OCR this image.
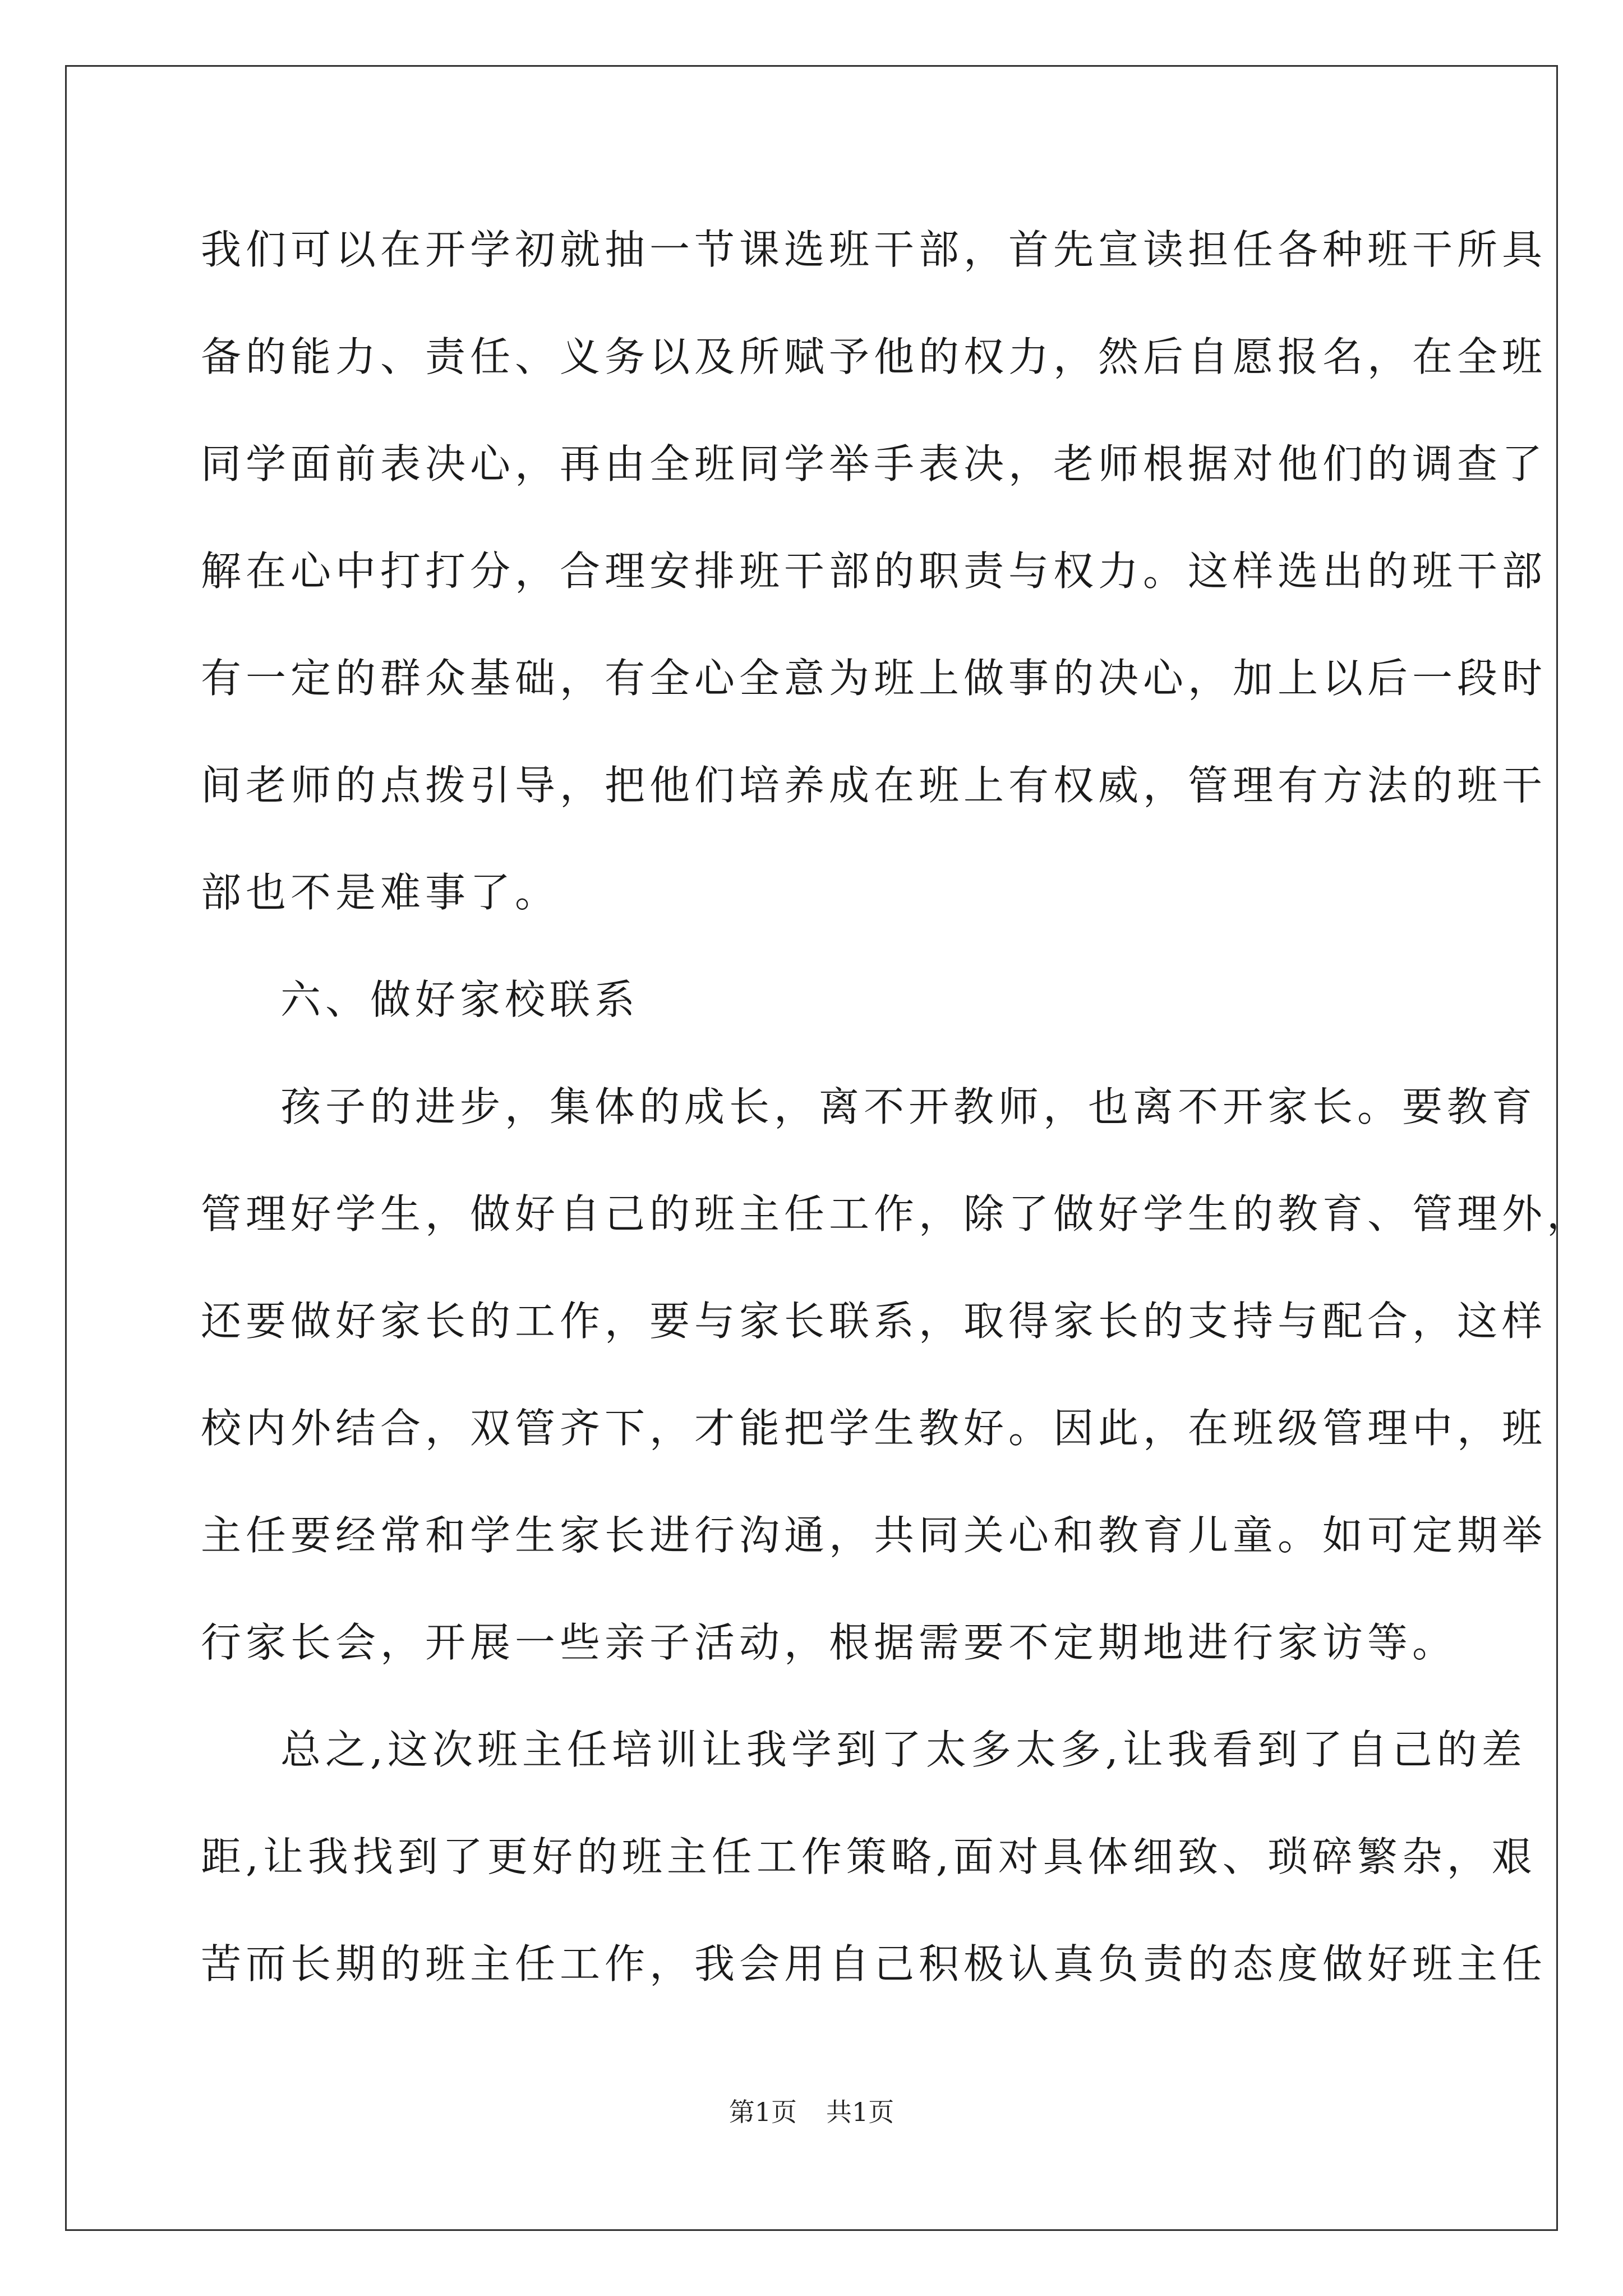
我们可以在开学初就抽一节课选班干部，首先宣读担任各种班干所具
备的能力、责任、义务以及所赋予他的权力，然后自愿报名，在全班
同学面前表决心，再由全班同学举手表决，老师根据对他们的调查了
解在心中打打分，合理安排班干部的职责与权力。这样选出的班干部
有一定的群众基础，有全心全意为班上做事的决心，加上以后一段时
间老师的点拨引导，把他们培养成在班上有权威，管理有方法的班干
部也不是难事了。
六、做好家校联系
孩子的进步，集体的成长，离不开教师，也离不开家长。要教育
管理好学生，做好自己的班主任工作，除了做好学生的教育、管理外，
还要做好家长的工作，要与家长联系，取得家长的支持与配合，这样
校内外结合，双管齐下，才能把学生教好。因此，在班级管理中，班
主任要经常和学生家长进行沟通，共同关心和教育儿童。如可定期举
行家长会，开展一些亲子活动，根据需要不定期地进行家访等。
总之,这次班主任培训让我学到了太多太多,让我看到了自己的差
距,让我找到了更好的班主任工作策略,面对具体细致、琐碎繁杂，艰
苦而长期的班主任工作，我会用自己积极认真负责的态度做好班主任
第1页 共1页
